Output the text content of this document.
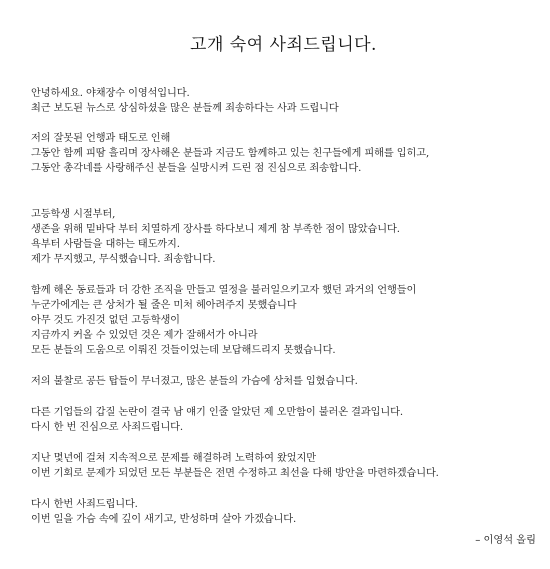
고개 숙여 사죄드립니다.

안녕하세요. 야채장수 이영석입니다.
최근 보도된 뉴스로 상심하셨을 많은 분들께 죄송하다는 사과 드립니다

저의 잘못된 언행과 태도로 인해
그동안 함께 피땀 흘리며 장사해온 분들과 지금도 함께하고 있는 친구들에게 피해를 입히고,
그동안 총각네를 사랑해주신 분들을 실망시켜 드린 점 진심으로 죄송합니다.

고등학생 시절부터,
생존을 위해 밑바닥 부터 치열하게 장사를 하다보니 제게 참 부족한 점이 많았습니다.
욕부터 사람들을 대하는 태도까지.
제가 무지했고, 무식했습니다. 죄송합니다.

함께 해온 동료들과 더 강한 조직을 만들고 열정을 불러일으키고자 했던 과거의 언행들이
누군가에게는 큰 상처가 될 줄은 미처 헤아려주지 못했습니다
아무 것도 가진것 없던 고등학생이
지금까지 커올 수 있었던 것은 제가 잘해서가 아니라
모든 분들의 도움으로 이뤄진 것들이었는데 보답해드리지 못했습니다.

저의 불찰로 공든 탑들이 무너졌고, 많은 분들의 가슴에 상처를 입혔습니다.

다른 기업들의 갑질 논란이 결국 남 얘기 인줄 알았던 제 오만함이 불러온 결과입니다.
다시 한 번 진심으로 사죄드립니다.

지난 몇년에 걸쳐 지속적으로 문제를 해결하려 노력하여 왔었지만
이번 기회로 문제가 되었던 모든 부분들은 전면 수정하고 최선을 다해 방안을 마련하겠습니다.

다시 한번 사죄드립니다.
이번 일을 가슴 속에 깊이 새기고, 반성하며 살아 가겠습니다.

– 이영석 올림
